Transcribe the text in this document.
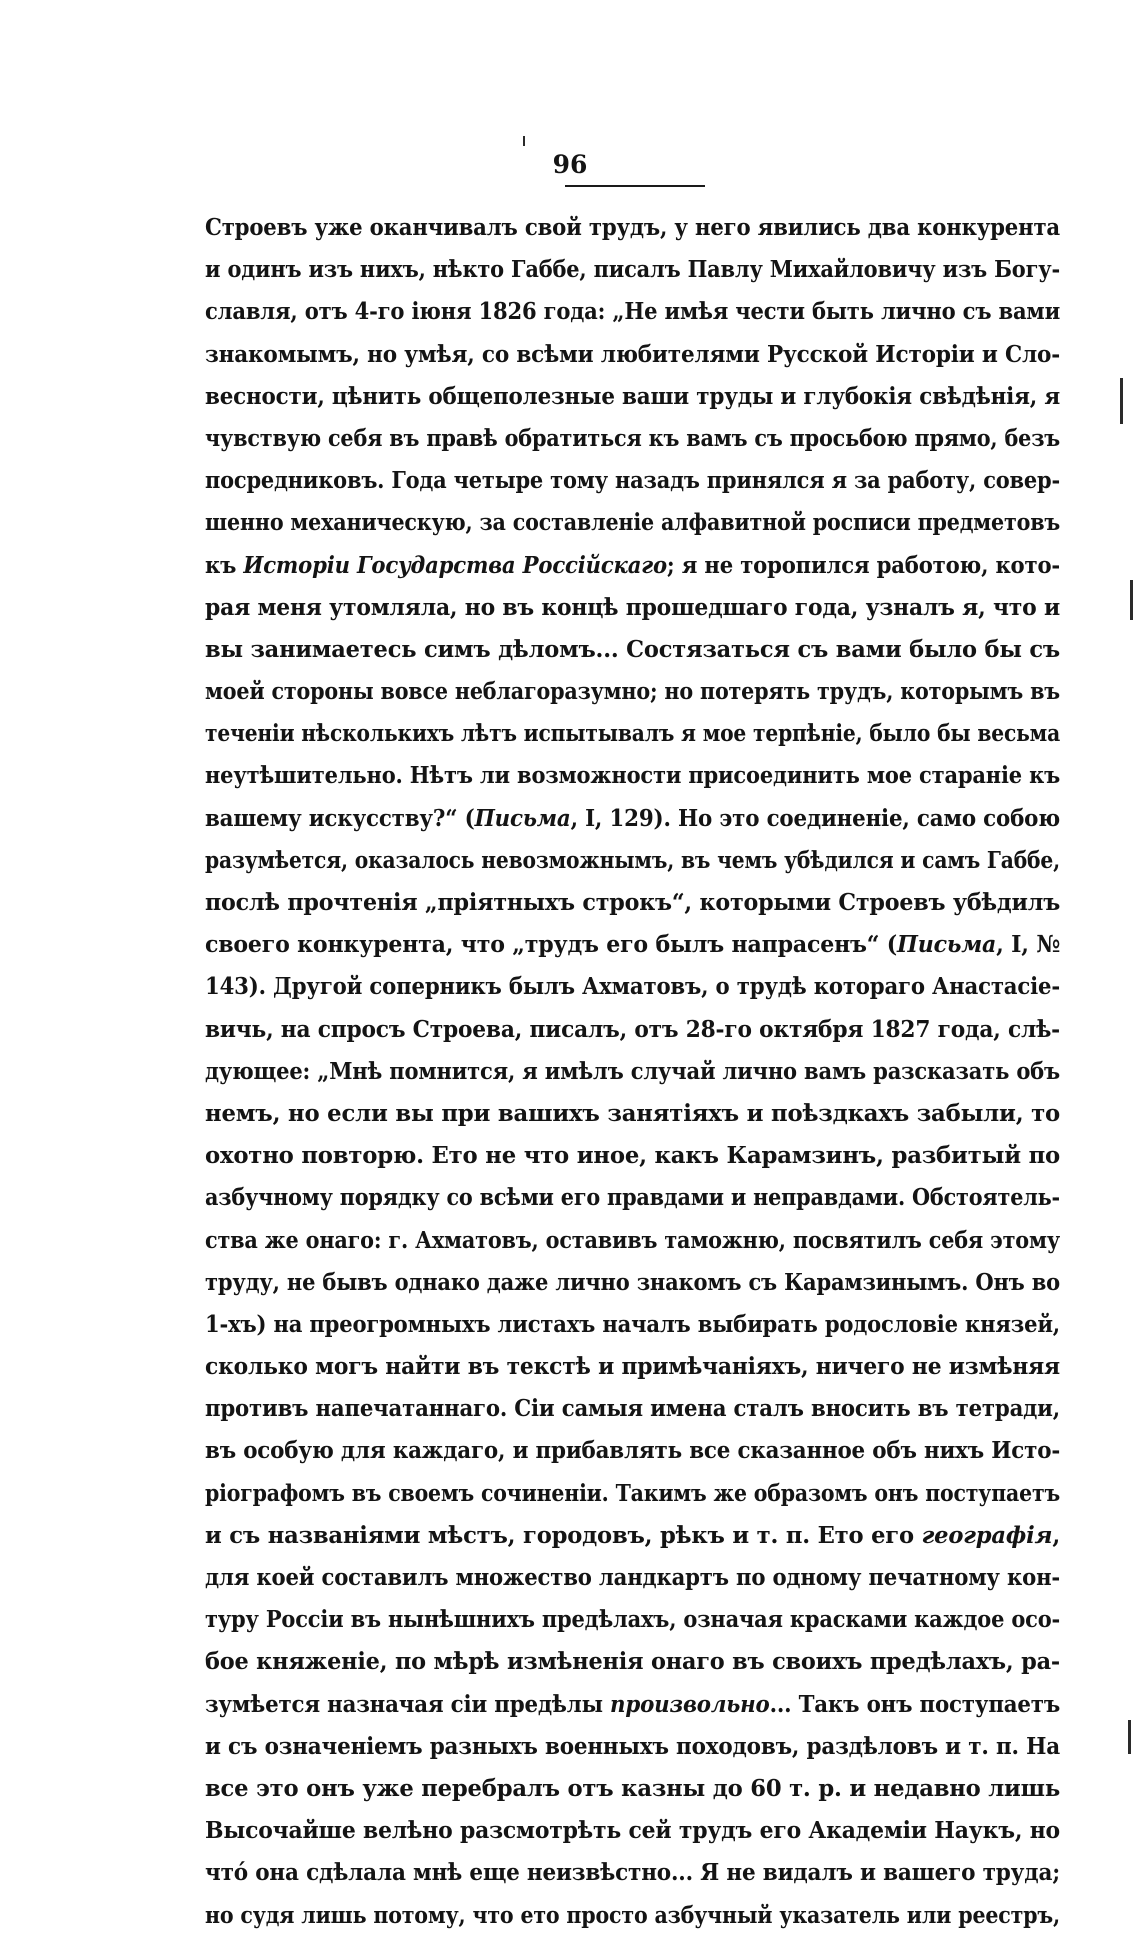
96
Строевъ уже оканчивалъ свой трудъ, у него явились два конкурента
и одинъ изъ нихъ, нѣкто Габбе, писалъ Павлу Михайловичу изъ Богу-
славля, отъ 4-го іюня 1826 года: „Не имѣя чести быть лично съ вами
знакомымъ, но умѣя, со всѣми любителями Русской Исторіи и Сло-
весности, цѣнить общеполезные ваши труды и глубокія свѣдѣнія, я
чувствую себя въ правѣ обратиться къ вамъ съ просьбою прямо, безъ
посредниковъ. Года четыре тому назадъ принялся я за работу, совер-
шенно механическую, за составленіе алфавитной росписи предметовъ
къ Исторіи Государства Россійскаго; я не торопился работою, кото-
рая меня утомляла, но въ концѣ прошедшаго года, узналъ я, что и
вы занимаетесь симъ дѣломъ... Состязаться съ вами было бы съ
моей стороны вовсе неблагоразумно; но потерять трудъ, которымъ въ
теченіи нѣсколькихъ лѣтъ испытывалъ я мое терпѣніе, было бы весьма
неутѣшительно. Нѣтъ ли возможности присоединить мое стараніе къ
вашему искусству?“ (Письма, I, 129). Но это соединеніе, само собою
разумѣется, оказалось невозможнымъ, въ чемъ убѣдился и самъ Габбе,
послѣ прочтенія „пріятныхъ строкъ“, которыми Строевъ убѣдилъ
своего конкурента, что „трудъ его былъ напрасенъ“ (Письма, I, №
143). Другой соперникъ былъ Ахматовъ, о трудѣ котораго Анастасіе-
вичь, на спросъ Строева, писалъ, отъ 28-го октября 1827 года, слѣ-
дующее: „Мнѣ помнится, я имѣлъ случай лично вамъ разсказать объ
немъ, но если вы при вашихъ занятіяхъ и поѣздкахъ забыли, то
охотно повторю. Ето не что иное, какъ Карамзинъ, разбитый по
азбучному порядку со всѣми его правдами и неправдами. Обстоятель-
ства же онаго: г. Ахматовъ, оставивъ таможню, посвятилъ себя этому
труду, не бывъ однако даже лично знакомъ съ Карамзинымъ. Онъ во
1-хъ) на преогромныхъ листахъ началъ выбирать родословіе князей,
сколько могъ найти въ текстѣ и примѣчаніяхъ, ничего не измѣняя
противъ напечатаннаго. Сіи самыя имена сталъ вносить въ тетради,
въ особую для каждаго, и прибавлять все сказанное объ нихъ Исто-
ріографомъ въ своемъ сочиненіи. Такимъ же образомъ онъ поступаетъ
и съ названіями мѣстъ, городовъ, рѣкъ и т. п. Ето его географія,
для коей составилъ множество ландкартъ по одному печатному кон-
туру Россіи въ нынѣшнихъ предѣлахъ, означая красками каждое осо-
бое княженіе, по мѣрѣ измѣненія онаго въ своихъ предѣлахъ, ра-
зумѣется назначая сіи предѣлы произвольно... Такъ онъ поступаетъ
и съ означеніемъ разныхъ военныхъ походовъ, раздѣловъ и т. п. На
все это онъ уже перебралъ отъ казны до 60 т. р. и недавно лишь
Высочайше велѣно разсмотрѣть сей трудъ его Академіи Наукъ, но
чтó она сдѣлала мнѣ еще неизвѣстно... Я не видалъ и вашего труда;
но судя лишь потому, что ето просто азбучный указатель или реестръ,
